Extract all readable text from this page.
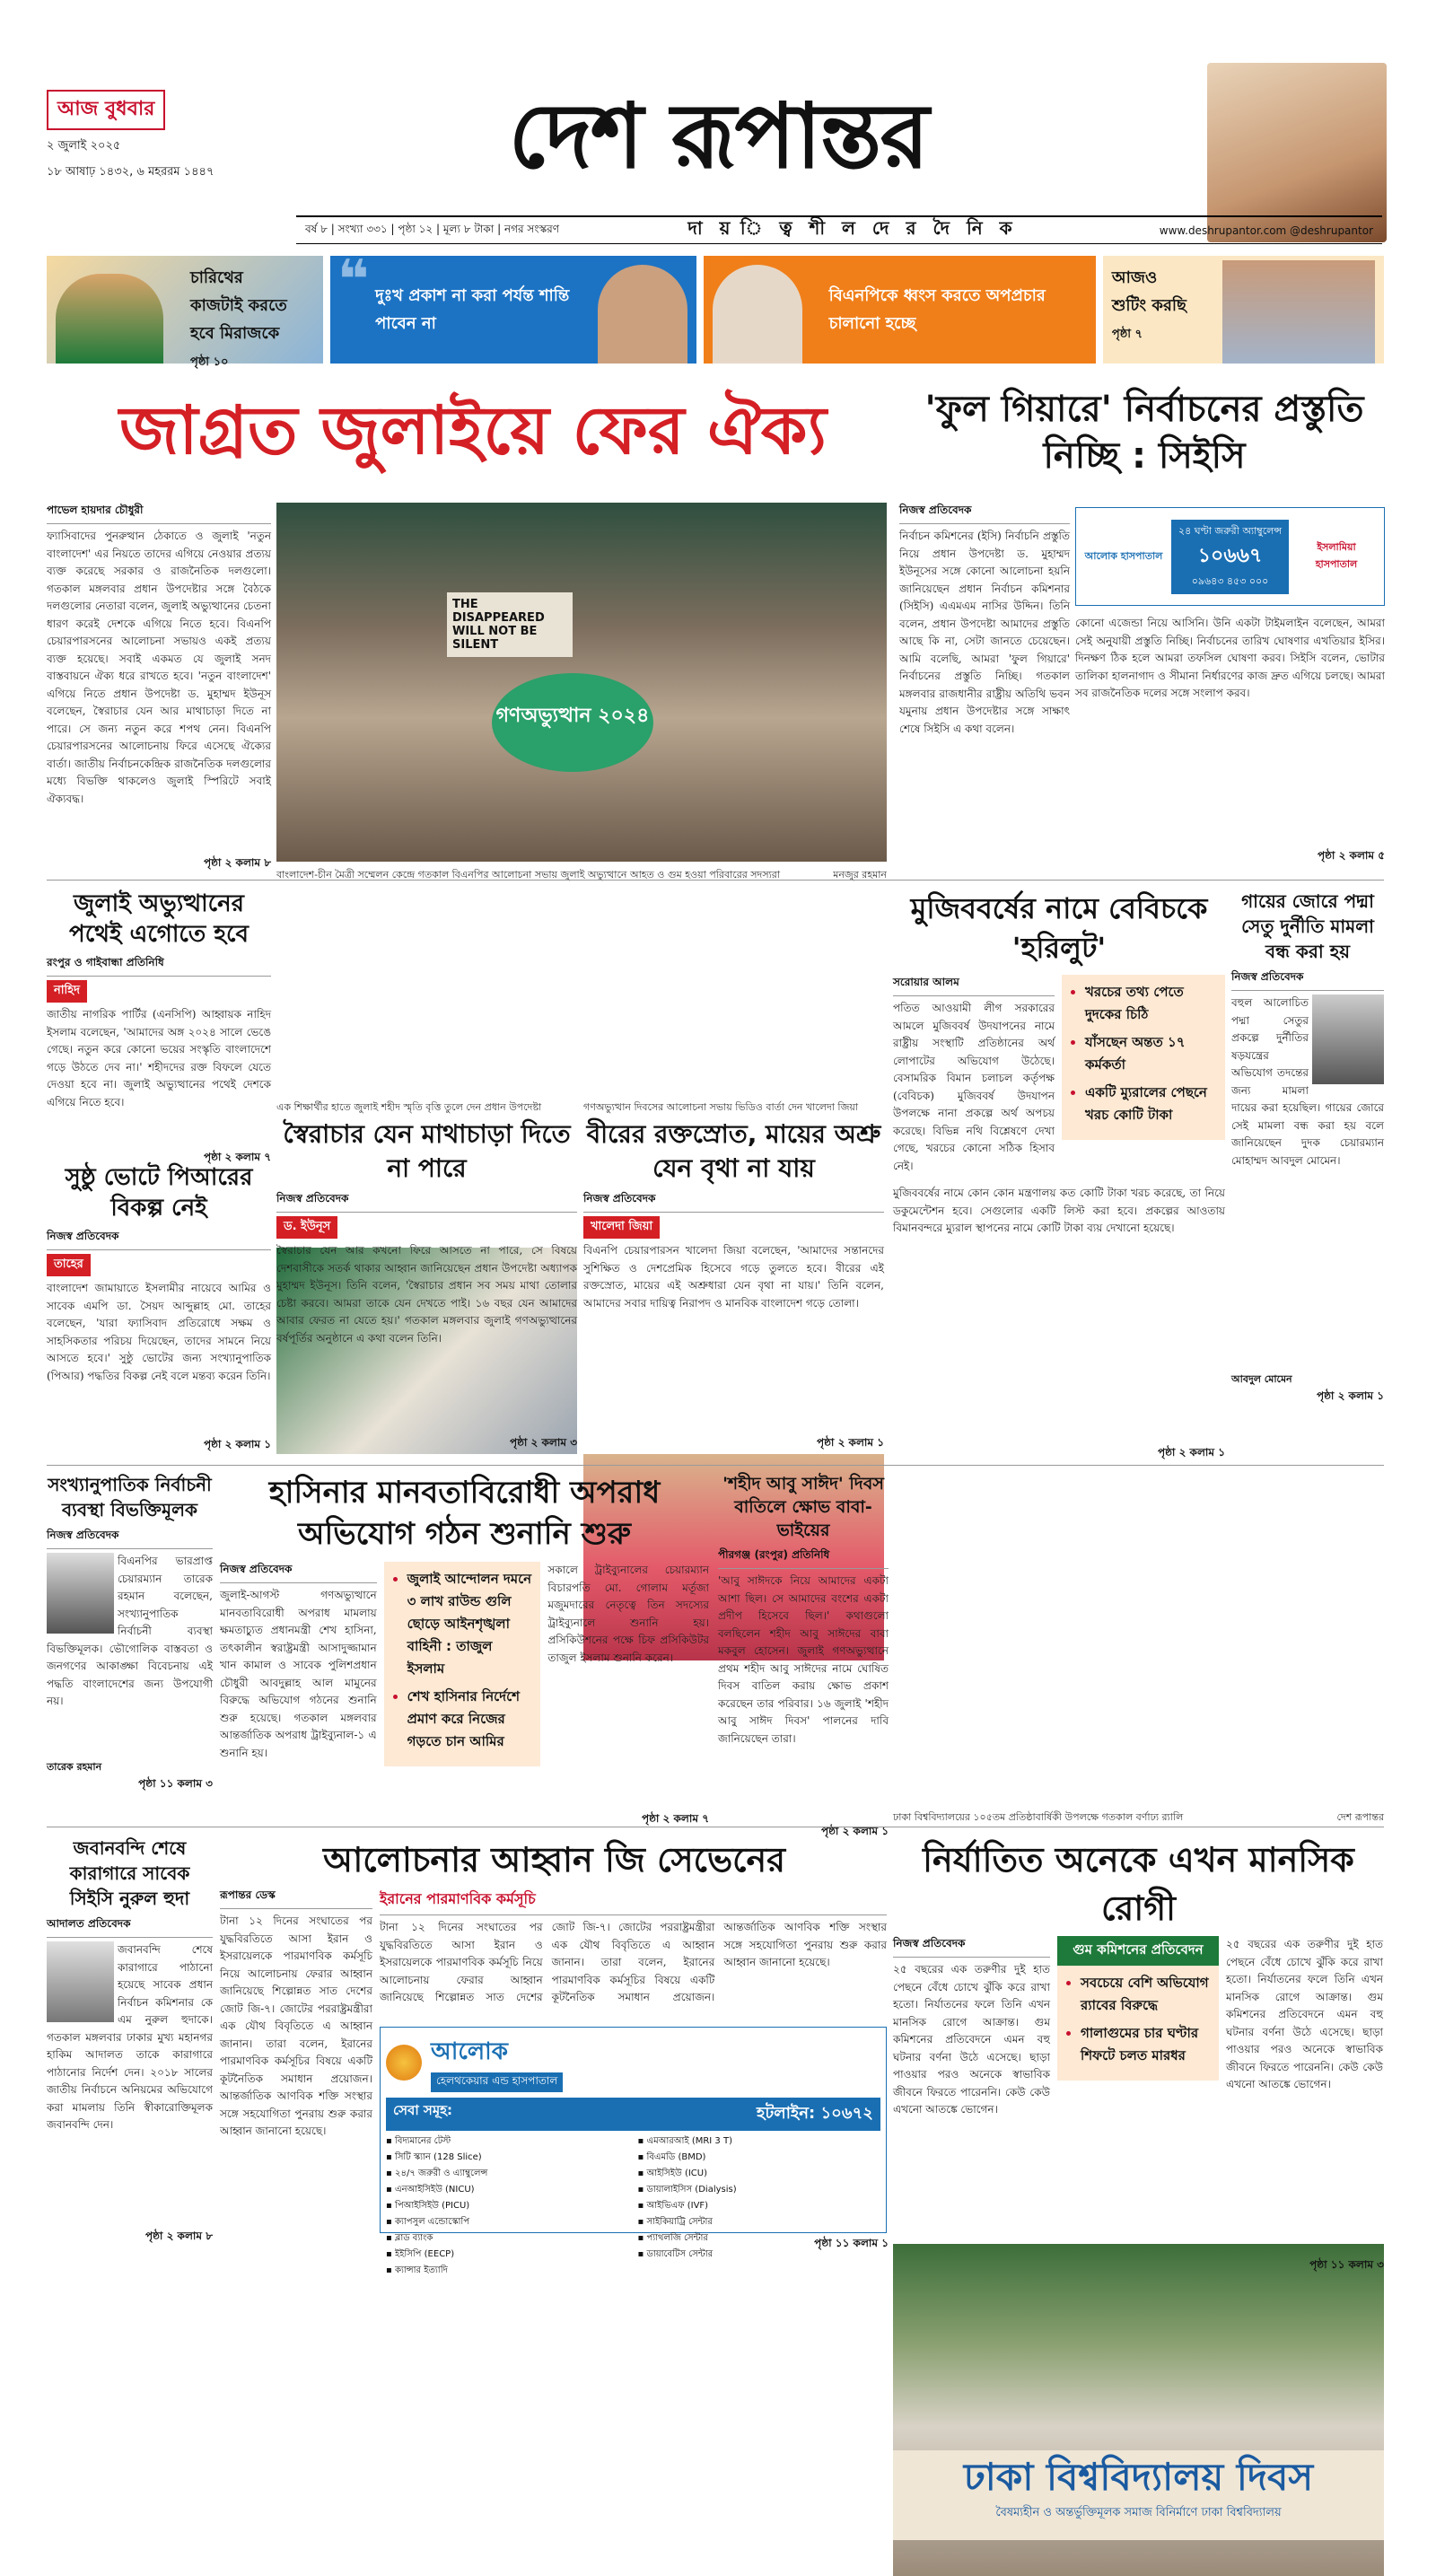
আজ বুধবার
২ জুলাই ২০২৫
১৮ আষাঢ় ১৪৩২, ৬ মহররম ১৪৪৭	দেশ রূপান্তর
বর্ষ ৮ | সংখ্যা ৩৩১ | পৃষ্ঠা ১২ | মূল্য ৮ টাকা | নগর সংস্করণ	দা য় ি ত্ব শী ল দে র দৈ নি ক	www.deshrupantor.com @deshrupantor
চারিথের কাজটাই করতে হবে মিরাজকে
পৃষ্ঠা ১০
❝ দুঃখ প্রকাশ না করা পর্যন্ত শান্তি পাবেন না
বিএনপিকে ধ্বংস করতে অপপ্রচার চালানো হচ্ছে
আজও শুটিং করছি
পৃষ্ঠা ৭
জাগ্রত জুলাইয়ে ফের ঐক্য	'ফুল গিয়ারে' নির্বাচনের প্রস্তুতি নিচ্ছি : সিইসি
পাভেল হায়দার চৌধুরী
ফ্যাসিবাদের পুনরুত্থান ঠেকাতে ও জুলাই 'নতুন বাংলাদেশ' এর নিয়তে তাদের এগিয়ে নেওয়ার প্রত্যয় ব্যক্ত করেছে সরকার ও রাজনৈতিক দলগুলো। গতকাল মঙ্গলবার প্রধান উপদেষ্টার সঙ্গে বৈঠকে দলগুলোর নেতারা বলেন, জুলাই অভ্যুত্থানের চেতনা ধারণ করেই দেশকে এগিয়ে নিতে হবে। বিএনপি চেয়ারপারসনের আলোচনা সভায়ও একই প্রত্যয় ব্যক্ত হয়েছে। সবাই একমত যে জুলাই সনদ বাস্তবায়নে ঐক্য ধরে রাখতে হবে। 'নতুন বাংলাদেশ' এগিয়ে নিতে প্রধান উপদেষ্টা ড. মুহাম্মদ ইউনূস বলেছেন, স্বৈরাচার যেন আর মাথাচাড়া দিতে না পারে। সে জন্য নতুন করে শপথ নেন। বিএনপি চেয়ারপারসনের আলোচনায় ফিরে এসেছে ঐক্যের বার্তা। জাতীয় নির্বাচনকেন্দ্রিক রাজনৈতিক দলগুলোর মধ্যে বিভক্তি থাকলেও জুলাই স্পিরিটে সবাই ঐক্যবদ্ধ।
পৃষ্ঠা ২ কলাম ৮
গণঅভ্যুত্থান ২০২৪
THE DISAPPEARED WILL NOT BE SILENT
বাংলাদেশ-চীন মৈত্রী সম্মেলন কেন্দ্রে গতকাল বিএনপির আলোচনা সভায় জুলাই অভ্যুত্থানে আহত ও গুম হওয়া পরিবারের সদস্যরা	মনজুর রহমান
নিজস্ব প্রতিবেদক
নির্বাচন কমিশনের (ইসি) নির্বাচনি প্রস্তুতি নিয়ে প্রধান উপদেষ্টা ড. মুহাম্মদ ইউনূসের সঙ্গে কোনো আলোচনা হয়নি জানিয়েছেন প্রধান নির্বাচন কমিশনার (সিইসি) এএমএম নাসির উদ্দিন। তিনি বলেন, প্রধান উপদেষ্টা আমাদের প্রস্তুতি আছে কি না, সেটা জানতে চেয়েছেন। আমি বলেছি, আমরা 'ফুল গিয়ারে' নির্বাচনের প্রস্তুতি নিচ্ছি। গতকাল মঙ্গলবার রাজধানীর রাষ্ট্রীয় অতিথি ভবন যমুনায় প্রধান উপদেষ্টার সঙ্গে সাক্ষাৎ শেষে সিইসি এ কথা বলেন।
আলোক হাসপাতাল
২৪ ঘণ্টা জরুরী অ্যাম্বুলেন্স
১০৬৬৭
০৯৬৪৩ ৪৫৩ ০০০
ইসলামিয়া হাসপাতাল
কোনো এজেন্ডা নিয়ে আসিনি। উনি একটা টাইমলাইন বলেছেন, আমরা সেই অনুযায়ী প্রস্তুতি নিচ্ছি। নির্বাচনের তারিখ ঘোষণার এখতিয়ার ইসির। দিনক্ষণ ঠিক হলে আমরা তফসিল ঘোষণা করব। সিইসি বলেন, ভোটার তালিকা হালনাগাদ ও সীমানা নির্ধারণের কাজ দ্রুত এগিয়ে চলছে। আমরা সব রাজনৈতিক দলের সঙ্গে সংলাপ করব।
পৃষ্ঠা ২ কলাম ৫
জুলাই অভ্যুত্থানের পথেই এগোতে হবে
রংপুর ও গাইবান্ধা প্রতিনিধি
নাহিদ
জাতীয় নাগরিক পার্টির (এনসিপি) আহ্বায়ক নাহিদ ইসলাম বলেছেন, 'আমাদের অঙ্গ ২০২৪ সালে ভেঙে গেছে। নতুন করে কোনো ভয়ের সংস্কৃতি বাংলাদেশে গড়ে উঠতে দেব না।' শহীদদের রক্ত বিফলে যেতে দেওয়া হবে না। জুলাই অভ্যুত্থানের পথেই দেশকে এগিয়ে নিতে হবে।
পৃষ্ঠা ২ কলাম ৭
সুষ্ঠু ভোটে পিআরের বিকল্প নেই
নিজস্ব প্রতিবেদক
তাহের
বাংলাদেশ জামায়াতে ইসলামীর নায়েবে আমির ও সাবেক এমপি ডা. সৈয়দ আব্দুল্লাহ মো. তাহের বলেছেন, 'যারা ফ্যাসিবাদ প্রতিরোধে সক্ষম ও সাহসিকতার পরিচয় দিয়েছেন, তাদের সামনে নিয়ে আসতে হবে।' সুষ্ঠু ভোটের জন্য সংখ্যানুপাতিক (পিআর) পদ্ধতির বিকল্প নেই বলে মন্তব্য করেন তিনি।
পৃষ্ঠা ২ কলাম ১
এক শিক্ষার্থীর হাতে জুলাই শহীদ স্মৃতি বৃত্তি তুলে দেন প্রধান উপদেষ্টা
স্বৈরাচার যেন মাথাচাড়া দিতে না পারে
নিজস্ব প্রতিবেদক
ড. ইউনূস
স্বৈরাচার যেন আর কখনো ফিরে আসতে না পারে, সে বিষয়ে দেশবাসীকে সতর্ক থাকার আহ্বান জানিয়েছেন প্রধান উপদেষ্টা অধ্যাপক মুহাম্মদ ইউনূস। তিনি বলেন, 'স্বৈরাচার প্রধান সব সময় মাথা তোলার চেষ্টা করবে। আমরা তাকে যেন দেখতে পাই। ১৬ বছর যেন আমাদের আবার ফেরত না যেতে হয়।' গতকাল মঙ্গলবার জুলাই গণঅভ্যুত্থানের বর্ষপূর্তির অনুষ্ঠানে এ কথা বলেন তিনি।
পৃষ্ঠা ২ কলাম ৩
গণঅভ্যুত্থান দিবসের আলোচনা সভায় ভিডিও বার্তা দেন খালেদা জিয়া
বীরের রক্তস্রোত, মায়ের অশ্রু যেন বৃথা না যায়
নিজস্ব প্রতিবেদক
খালেদা জিয়া
বিএনপি চেয়ারপারসন খালেদা জিয়া বলেছেন, 'আমাদের সন্তানদের সুশিক্ষিত ও দেশপ্রেমিক হিসেবে গড়ে তুলতে হবে। বীরের এই রক্তস্রোত, মায়ের এই অশ্রুধারা যেন বৃথা না যায়।' তিনি বলেন, আমাদের সবার দায়িত্ব নিরাপদ ও মানবিক বাংলাদেশ গড়ে তোলা।
পৃষ্ঠা ২ কলাম ১
মুজিববর্ষের নামে বেবিচকে 'হরিলুট'
সরোয়ার আলম
পতিত আওয়ামী লীগ সরকারের আমলে মুজিববর্ষ উদযাপনের নামে রাষ্ট্রীয় সংস্থাটি প্রতিষ্ঠানের অর্থ লোপাটের অভিযোগ উঠেছে। বেসামরিক বিমান চলাচল কর্তৃপক্ষ (বেবিচক) মুজিববর্ষ উদযাপন উপলক্ষে নানা প্রকল্পে অর্থ অপচয় করেছে। বিভিন্ন নথি বিশ্লেষণে দেখা গেছে, খরচের কোনো সঠিক হিসাব নেই।
• খরচের তথ্য পেতে দুদকের চিঠি
• যাঁসছেন অন্তত ১৭ কর্মকর্তা
• একটি ম্যুরালের পেছনে খরচ কোটি টাকা
মুজিববর্ষের নামে কোন কোন মন্ত্রণালয় কত কোটি টাকা খরচ করেছে, তা নিয়ে ডকুমেন্টেশন হবে। সেগুলোর একটি লিস্ট করা হবে। প্রকল্পের আওতায় বিমানবন্দরে ম্যুরাল স্থাপনের নামে কোটি টাকা ব্যয় দেখানো হয়েছে।
পৃষ্ঠা ২ কলাম ১
গায়ের জোরে পদ্মা সেতু দুর্নীতি মামলা বন্ধ করা হয়
নিজস্ব প্রতিবেদক
বহুল আলোচিত পদ্মা সেতুর প্রকল্পে দুর্নীতির ষড়যন্ত্রের অভিযোগ তদন্তের জন্য মামলা দায়ের করা হয়েছিল। গায়ের জোরে সেই মামলা বন্ধ করা হয় বলে জানিয়েছেন দুদক চেয়ারম্যান মোহাম্মদ আবদুল মোমেন।
আবদুল মোমেন
পৃষ্ঠা ২ কলাম ১
সংখ্যানুপাতিক নির্বাচনী ব্যবস্থা বিভক্তিমূলক
নিজস্ব প্রতিবেদক
বিএনপির ভারপ্রাপ্ত চেয়ারম্যান তারেক রহমান বলেছেন, সংখ্যানুপাতিক নির্বাচনী ব্যবস্থা বিভক্তিমূলক। ভৌগোলিক বাস্তবতা ও জনগণের আকাঙ্ক্ষা বিবেচনায় এই পদ্ধতি বাংলাদেশের জন্য উপযোগী নয়।
তারেক রহমান
পৃষ্ঠা ১১ কলাম ৩
হাসিনার মানবতাবিরোধী অপরাধ অভিযোগ গঠন শুনানি শুরু
নিজস্ব প্রতিবেদক
জুলাই-আগস্ট গণঅভ্যুত্থানে মানবতাবিরোধী অপরাধ মামলায় ক্ষমতাচ্যুত প্রধানমন্ত্রী শেখ হাসিনা, তৎকালীন স্বরাষ্ট্রমন্ত্রী আসাদুজ্জামান খান কামাল ও সাবেক পুলিশপ্রধান চৌধুরী আবদুল্লাহ আল মামুনের বিরুদ্ধে অভিযোগ গঠনের শুনানি শুরু হয়েছে। গতকাল মঙ্গলবার আন্তর্জাতিক অপরাধ ট্রাইব্যুনাল-১ এ শুনানি হয়।
• জুলাই আন্দোলন দমনে ৩ লাখ রাউন্ড গুলি ছোড়ে আইনশৃঙ্খলা বাহিনী : তাজুল ইসলাম
• শেখ হাসিনার নির্দেশে প্রমাণ করে নিজের গড়তে চান আমির
সকালে ট্রাইব্যুনালের চেয়ারম্যান বিচারপতি মো. গোলাম মর্তূজা মজুমদারের নেতৃত্বে তিন সদস্যের ট্রাইব্যুনালে শুনানি হয়। প্রসিকিউশনের পক্ষে চিফ প্রসিকিউটর তাজুল ইসলাম শুনানি করেন।
পৃষ্ঠা ২ কলাম ৭
'শহীদ আবু সাঈদ' দিবস বাতিলে ক্ষোভ বাবা-ভাইয়ের
পীরগঞ্জ (রংপুর) প্রতিনিধি
'আবু সাঈদকে নিয়ে আমাদের একটা আশা ছিল। সে আমাদের বংশের একটা প্রদীপ হিসেবে ছিল।' কথাগুলো বলছিলেন শহীদ আবু সাঈদের বাবা মকবুল হোসেন। জুলাই গণঅভ্যুত্থানে প্রথম শহীদ আবু সাঈদের নামে ঘোষিত দিবস বাতিল করায় ক্ষোভ প্রকাশ করেছেন তার পরিবার। ১৬ জুলাই 'শহীদ আবু সাঈদ দিবস' পালনের দাবি জানিয়েছেন তারা।
পৃষ্ঠা ২ কলাম ১
ঢাকা বিশ্ববিদ্যালয় দিবস
বৈষম্যহীন ও অন্তর্ভুক্তিমূলক সমাজ বিনির্মাণে ঢাকা বিশ্ববিদ্যালয়
ঢাকা বিশ্ববিদ্যালয়ের ১০৫তম প্রতিষ্ঠাবার্ষিকী উপলক্ষে গতকাল বর্ণাঢ্য র‍্যালি	দেশ রূপান্তর
জবানবন্দি শেষে কারাগারে সাবেক সিইসি নুরুল হুদা
আদালত প্রতিবেদক
জবানবন্দি শেষে কারাগারে পাঠানো হয়েছে সাবেক প্রধান নির্বাচন কমিশনার কে এম নুরুল হুদাকে। গতকাল মঙ্গলবার ঢাকার মুখ্য মহানগর হাকিম আদালত তাকে কারাগারে পাঠানোর নির্দেশ দেন। ২০১৮ সালের জাতীয় নির্বাচনে অনিয়মের অভিযোগে করা মামলায় তিনি স্বীকারোক্তিমূলক জবানবন্দি দেন।
পৃষ্ঠা ২ কলাম ৮
আলোচনার আহ্বান জি সেভেনের
রূপান্তর ডেস্ক
টানা ১২ দিনের সংঘাতের পর যুদ্ধবিরতিতে আসা ইরান ও ইসরায়েলকে পারমাণবিক কর্মসূচি নিয়ে আলোচনায় ফেরার আহ্বান জানিয়েছে শিল্পোন্নত সাত দেশের জোট জি-৭। জোটের পররাষ্ট্রমন্ত্রীরা এক যৌথ বিবৃতিতে এ আহ্বান জানান। তারা বলেন, ইরানের পারমাণবিক কর্মসূচির বিষয়ে একটি কূটনৈতিক সমাধান প্রয়োজন। আন্তর্জাতিক আণবিক শক্তি সংস্থার সঙ্গে সহযোগিতা পুনরায় শুরু করার আহ্বান জানানো হয়েছে।
ইরানের পারমাণবিক কর্মসূচি
টানা ১২ দিনের সংঘাতের পর যুদ্ধবিরতিতে আসা ইরান ও ইসরায়েলকে পারমাণবিক কর্মসূচি নিয়ে আলোচনায় ফেরার আহ্বান জানিয়েছে শিল্পোন্নত সাত দেশের জোট জি-৭। জোটের পররাষ্ট্রমন্ত্রীরা এক যৌথ বিবৃতিতে এ আহ্বান জানান। তারা বলেন, ইরানের পারমাণবিক কর্মসূচির বিষয়ে একটি কূটনৈতিক সমাধান প্রয়োজন। আন্তর্জাতিক আণবিক শক্তি সংস্থার সঙ্গে সহযোগিতা পুনরায় শুরু করার আহ্বান জানানো হয়েছে।
আলোক
হেলথকেয়ার এন্ড হাসপাতাল
সেবা সমূহ:	হটলাইন: ১০৬৭২
▪ বিদ্যমানের টেস্ট	▪ এমআরআই (MRI 3 T)
▪ সিটি স্ক্যান (128 Slice)	▪ বিএমডি (BMD)
▪ ২৪/৭ জরুরী ও এ্যাম্বুলেন্স	▪ আইসিইউ (ICU)
▪ এনআইসিইউ (NICU)	▪ ডায়ালাইসিস (Dialysis)
▪ পিআইসিইউ (PICU)	▪ আইভিএফ (IVF)
▪ ক্যাপসুল এন্ডোস্কোপি	▪ সাইকিয়াট্রি সেন্টার
▪ ব্লাড ব্যাংক	▪ প্যাথলজি সেন্টার
▪ ইইসিপি (EECP)	▪ ডায়াবেটিস সেন্টার
▪ ক্যান্সার ইত্যাদি
পৃষ্ঠা ১১ কলাম ১
নির্যাতিত অনেকে এখন মানসিক রোগী
নিজস্ব প্রতিবেদক
২৫ বছরের এক তরুণীর দুই হাত পেছনে বেঁধে চোখে ঝুঁকি করে রাখা হতো। নির্যাতনের ফলে তিনি এখন মানসিক রোগে আক্রান্ত। গুম কমিশনের প্রতিবেদনে এমন বহু ঘটনার বর্ণনা উঠে এসেছে। ছাড়া পাওয়ার পরও অনেকে স্বাভাবিক জীবনে ফিরতে পারেননি। কেউ কেউ এখনো আতঙ্কে ভোগেন।
গুম কমিশনের প্রতিবেদন
• সবচেয়ে বেশি অভিযোগ র‍্যাবের বিরুদ্ধে
• গালাগুমের চার ঘণ্টার শিফটে চলত মারধর
২৫ বছরের এক তরুণীর দুই হাত পেছনে বেঁধে চোখে ঝুঁকি করে রাখা হতো। নির্যাতনের ফলে তিনি এখন মানসিক রোগে আক্রান্ত। গুম কমিশনের প্রতিবেদনে এমন বহু ঘটনার বর্ণনা উঠে এসেছে। ছাড়া পাওয়ার পরও অনেকে স্বাভাবিক জীবনে ফিরতে পারেননি। কেউ কেউ এখনো আতঙ্কে ভোগেন।
পৃষ্ঠা ১১ কলাম ৩
